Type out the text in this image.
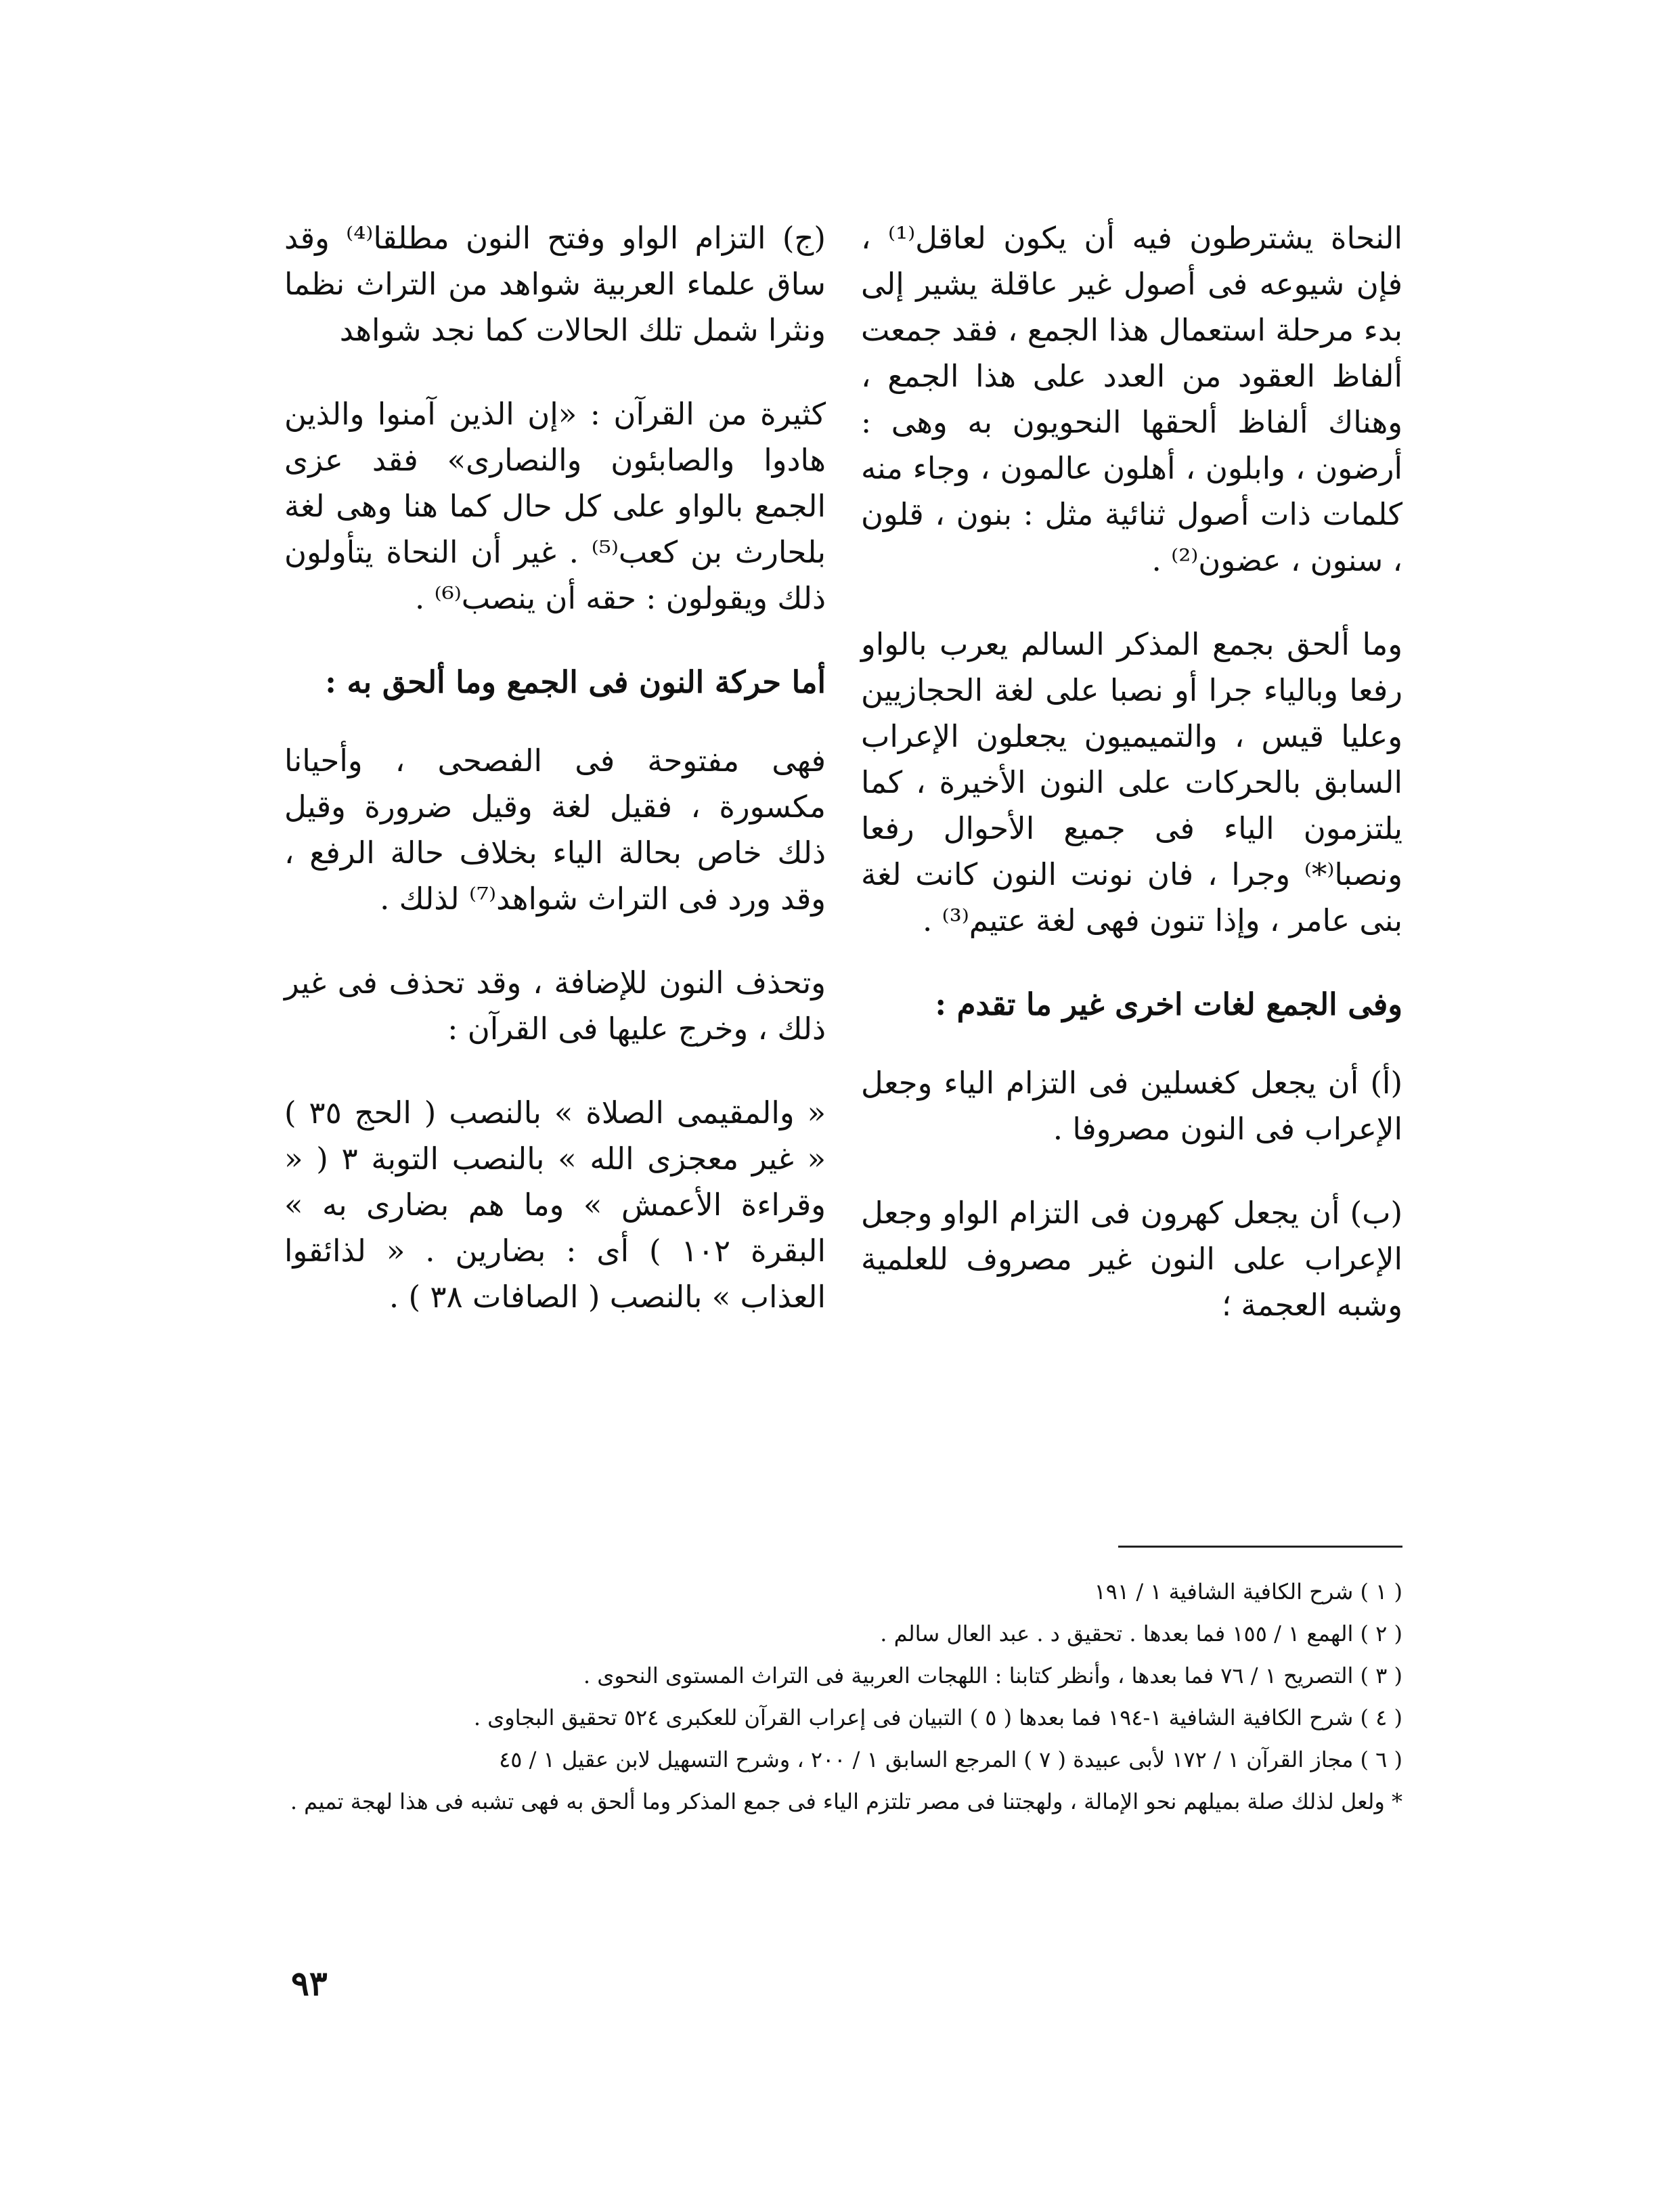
النحاة يشترطون فيه أن يكون لعاقل⁽¹⁾ ، فإن شيوعه فى أصول غير عاقلة يشير إلى بدء مرحلة استعمال هذا الجمع ، فقد جمعت ألفاظ العقود من العدد على هذا الجمع ، وهناك ألفاظ ألحقها النحويون به وهى : أرضون ، وابلون ، أهلون عالمون ، وجاء منه كلمات ذات أصول ثنائية مثل : بنون ، قلون ، سنون ، عضون⁽²⁾ .

وما ألحق بجمع المذكر السالم يعرب بالواو رفعا وبالياء جرا أو نصبا على لغة الحجازيين وعليا قيس ، والتميميون يجعلون الإعراب السابق بالحركات على النون الأخيرة ، كما يلتزمون الياء فى جميع الأحوال رفعا ونصبا⁽*⁾ وجرا ، فان نونت النون كانت لغة بنى عامر ، وإذا تنون فهى لغة عتيم⁽³⁾ .

وفى الجمع لغات اخرى غير ما تقدم :

(أ) أن يجعل كغسلين فى التزام الياء وجعل الإعراب فى النون مصروفا .

(ب) أن يجعل كهرون فى التزام الواو وجعل الإعراب على النون غير مصروف للعلمية وشبه العجمة ؛

(ج) التزام الواو وفتح النون مطلقا⁽⁴⁾ وقد ساق علماء العربية شواهد من التراث نظما ونثرا شمل تلك الحالات كما نجد شواهد

كثيرة من القرآن : «إن الذين آمنوا والذين هادوا والصابئون والنصارى» فقد عزى الجمع بالواو على كل حال كما هنا وهى لغة بلحارث بن كعب⁽⁵⁾ . غير أن النحاة يتأولون ذلك ويقولون : حقه أن ينصب⁽⁶⁾ .

أما حركة النون فى الجمع وما ألحق به :

فهى مفتوحة فى الفصحى ، وأحيانا مكسورة ، فقيل لغة وقيل ضرورة وقيل ذلك خاص بحالة الياء بخلاف حالة الرفع ، وقد ورد فى التراث شواهد⁽⁷⁾ لذلك .

وتحذف النون للإضافة ، وقد تحذف فى غير ذلك ، وخرج عليها فى القرآن :

« والمقيمى الصلاة » بالنصب ( الحج ٣٥ ) « غير معجزى الله » بالنصب التوبة ٣ ( « وقراءة الأعمش » وما هم بضارى به » البقرة ١٠٢ ) أى : بضارين . « لذائقوا العذاب » بالنصب ( الصافات ٣٨ ) .

( ١ ) شرح الكافية الشافية ١ / ١٩١
( ٢ ) الهمع ١ / ١٥٥ فما بعدها . تحقيق د . عبد العال سالم .
( ٣ ) التصريح ١ / ٧٦ فما بعدها ، وأنظر كتابنا : اللهجات العربية فى التراث المستوى النحوى .
( ٤ ) شرح الكافية الشافية ١-١٩٤ فما بعدها ( ٥ ) التبيان فى إعراب القرآن للعكبرى ٥٢٤ تحقيق البجاوى .
( ٦ ) مجاز القرآن ١ / ١٧٢ لأبى عبيدة ( ٧ ) المرجع السابق ١ / ٢٠٠ ، وشرح التسهيل لابن عقيل ١ / ٤٥
* ولعل لذلك صلة بميلهم نحو الإمالة ، ولهجتنا فى مصر تلتزم الياء فى جمع المذكر وما ألحق به فهى تشبه فى هذا لهجة تميم .
٩٣
